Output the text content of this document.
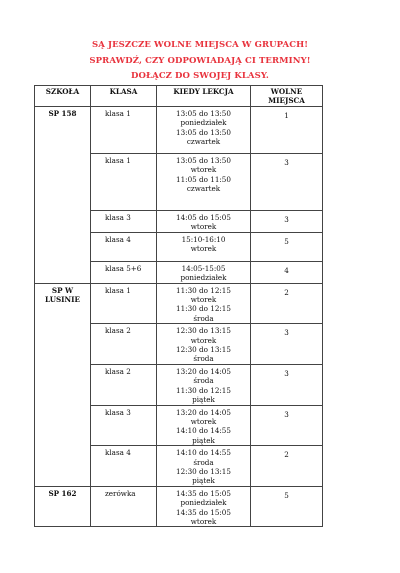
SĄ JESZCZE WOLNE MIEJSCA W GRUPACH!
SPRAWDŹ, CZY ODPOWIADAJĄ CI TERMINY!
DOŁĄCZ DO SWOJEJ KLASY.
SZKOŁA	KLASA	KIEDY LEKCJA	WOLNE
MIEJSCA

SP 158	klasa 1	13:05 do 13:50
poniedziałek
13:05 do 13:50
czwartek	1
	klasa 1	13:05 do 13:50
wtorek
11:05 do 11:50
czwartek	3
	klasa 3	14:05 do 15:05
wtorek	3
	klasa 4	15:10-16:10
wtorek	5
	klasa 5+6	14:05-15:05
poniedziałek	4
SP W LUSINIE	klasa 1	11:30 do 12:15
wtorek
11:30 do 12:15
środa	2
	klasa 2	12:30 do 13:15
wtorek
12:30 do 13:15
środa	3
	klasa 2	13:20 do 14:05
środa
11:30 do 12:15
piątek	3
	klasa 3	13:20 do 14:05
wtorek
14:10 do 14:55
piątek	3
	klasa 4	14:10 do 14:55
środa
12:30 do 13:15
piątek	2
SP 162	zerówka	14:35 do 15:05
poniedziałek
14:35 do 15:05
wtorek	5
